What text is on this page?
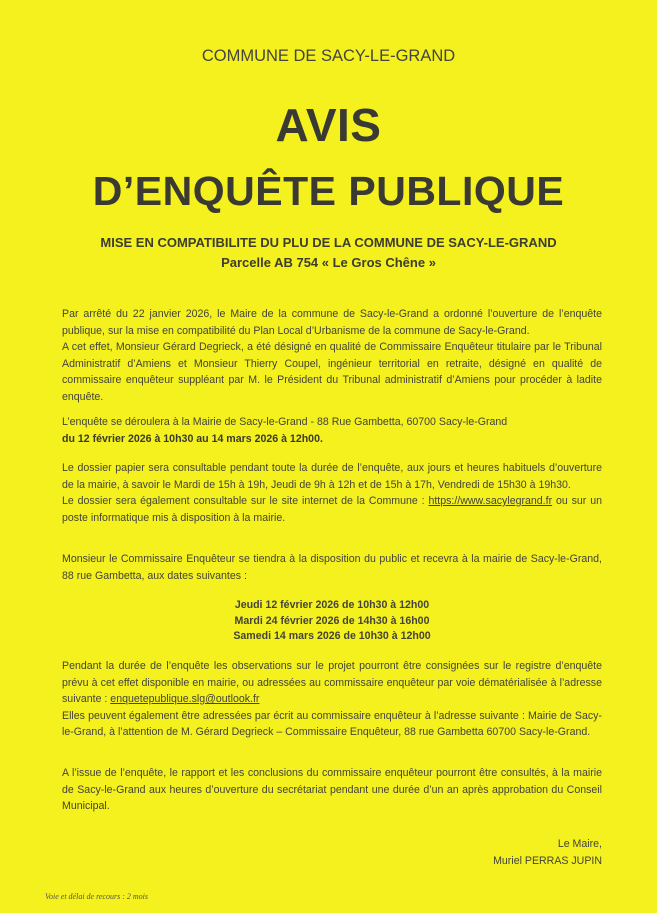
COMMUNE DE SACY-LE-GRAND
AVIS
D’ENQUÊTE PUBLIQUE
MISE EN COMPATIBILITE DU PLU DE LA COMMUNE DE SACY-LE-GRAND
Parcelle AB 754 « Le Gros Chêne »

Par arrêté du 22 janvier 2026, le Maire de la commune de Sacy-le-Grand a ordonné l’ouverture de l’enquête publique, sur la mise en compatibilité du Plan Local d’Urbanisme de la commune de Sacy-le-Grand.

A cet effet, Monsieur Gérard Degrieck, a été désigné en qualité de Commissaire Enquêteur titulaire par le Tribunal Administratif d’Amiens et Monsieur Thierry Coupel, ingénieur territorial en retraite, désigné en qualité de commissaire enquêteur suppléant par M. le Président du Tribunal administratif d’Amiens pour procéder à ladite enquête.

L’enquête se déroulera à la Mairie de Sacy-le-Grand - 88 Rue Gambetta, 60700 Sacy-le-Grand

du 12 février 2026 à 10h30 au 14 mars 2026 à 12h00.

Le dossier papier sera consultable pendant toute la durée de l’enquête, aux jours et heures habituels d’ouverture de la mairie, à savoir le Mardi de 15h à 19h, Jeudi de 9h à 12h et de 15h à 17h, Vendredi de 15h30 à 19h30.

Le dossier sera également consultable sur le site internet de la Commune : https://www.sacylegrand.fr ou sur un poste informatique mis à disposition à la mairie.

Monsieur le Commissaire Enquêteur se tiendra à la disposition du public et recevra à la mairie de Sacy-le-Grand, 88 rue Gambetta, aux dates suivantes :

Jeudi 12 février 2026 de 10h30 à 12h00

Mardi 24 février 2026 de 14h30 à 16h00

Samedi 14 mars 2026 de 10h30 à 12h00

Pendant la durée de l’enquête les observations sur le projet pourront être consignées sur le registre d’enquête prévu à cet effet disponible en mairie, ou adressées au commissaire enquêteur par voie dématérialisée à l’adresse suivante : enquetepublique.slg@outlook.fr

Elles peuvent également être adressées par écrit au commissaire enquêteur à l’adresse suivante : Mairie de Sacy-le-Grand, à l’attention de M. Gérard Degrieck – Commissaire Enquêteur, 88 rue Gambetta 60700 Sacy-le-Grand.

A l’issue de l’enquête, le rapport et les conclusions du commissaire enquêteur pourront être consultés, à la mairie de Sacy-le-Grand aux heures d’ouverture du secrétariat pendant une durée d’un an après approbation du Conseil Municipal.
Le Maire,
Muriel PERRAS JUPIN
Voie et délai de recours : 2 mois
